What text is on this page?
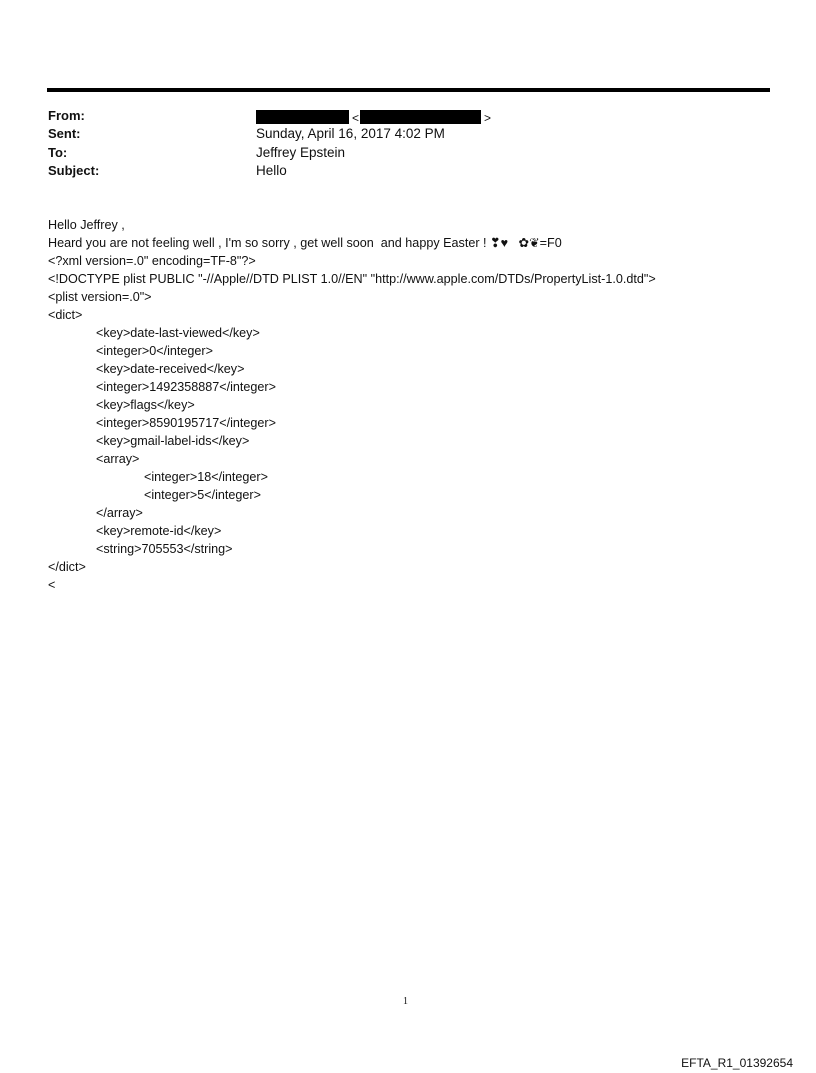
From:	<	>
Sent:	Sunday, April 16, 2017 4:02 PM
To:	Jeffrey Epstein
Subject:	Hello
Hello Jeffrey ,
Heard you are not feeling well , I'm so sorry , get well soon  and happy Easter ! ❣♥   ✿❦=F0
<?xml version=.0" encoding=TF-8"?>
<!DOCTYPE plist PUBLIC "-//Apple//DTD PLIST 1.0//EN" "http://www.apple.com/DTDs/PropertyList-1.0.dtd">
<plist version=.0">
<dict>
<key>date-last-viewed</key>
<integer>0</integer>
<key>date-received</key>
<integer>1492358887</integer>
<key>flags</key>
<integer>8590195717</integer>
<key>gmail-label-ids</key>
<array>
<integer>18</integer>
<integer>5</integer>
</array>
<key>remote-id</key>
<string>705553</string>
</dict>
<
1
EFTA_R1_01392654
